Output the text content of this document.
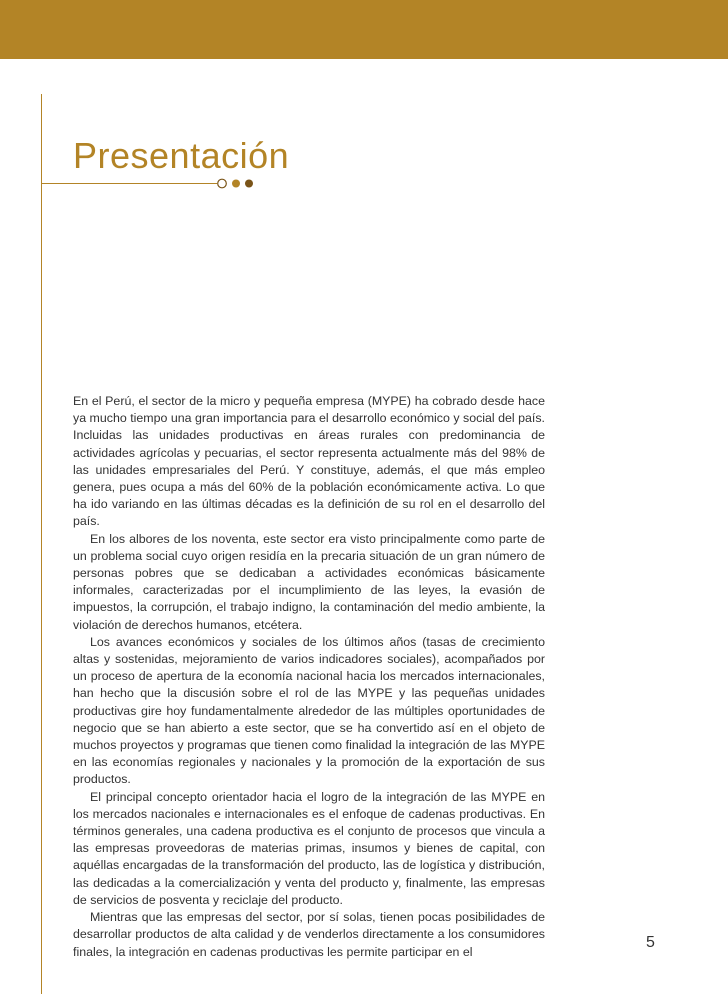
Presentación

En el Perú, el sector de la micro y pequeña empresa (MYPE) ha cobrado desde hace ya mucho tiempo una gran importancia para el desarrollo económico y social del país. Incluidas las unidades productivas en áreas rurales con predominancia de actividades agrícolas y pecuarias, el sector representa actualmente más del 98% de las unidades empresariales del Perú. Y constituye, además, el que más empleo genera, pues ocupa a más del 60% de la población económicamente activa. Lo que ha ido variando en las últimas décadas es la definición de su rol en el desarrollo del país.

En los albores de los noventa, este sector era visto principalmente como parte de un problema social cuyo origen residía en la precaria situación de un gran número de personas pobres que se dedicaban a actividades económicas básicamente informales, caracterizadas por el incumplimiento de las leyes, la evasión de impuestos, la corrupción, el trabajo indigno, la contaminación del medio ambiente, la violación de derechos humanos, etcétera.

Los avances económicos y sociales de los últimos años (tasas de crecimiento altas y sostenidas, mejoramiento de varios indicadores sociales), acompañados por un proceso de apertura de la economía nacional hacia los mercados internacionales, han hecho que la discusión sobre el rol de las MYPE y las pequeñas unidades productivas gire hoy fundamentalmente alrededor de las múltiples oportunidades de negocio que se han abierto a este sector, que se ha convertido así en el objeto de muchos proyectos y programas que tienen como finalidad la integración de las MYPE en las economías regionales y nacionales y la promoción de la exportación de sus productos.

El principal concepto orientador hacia el logro de la integración de las MYPE en los mercados nacionales e internacionales es el enfoque de cadenas productivas. En términos generales, una cadena productiva es el conjunto de procesos que vincula a las empresas proveedoras de materias primas, insumos y bienes de capital, con aquéllas encargadas de la transformación del producto, las de logística y distribución, las dedicadas a la comercialización y venta del producto y, finalmente, las empresas de servicios de posventa y reciclaje del producto.

Mientras que las empresas del sector, por sí solas, tienen pocas posibilidades de desarrollar productos de alta calidad y de venderlos directamente a los consumidores finales, la integración en cadenas productivas les permite participar en el

5
